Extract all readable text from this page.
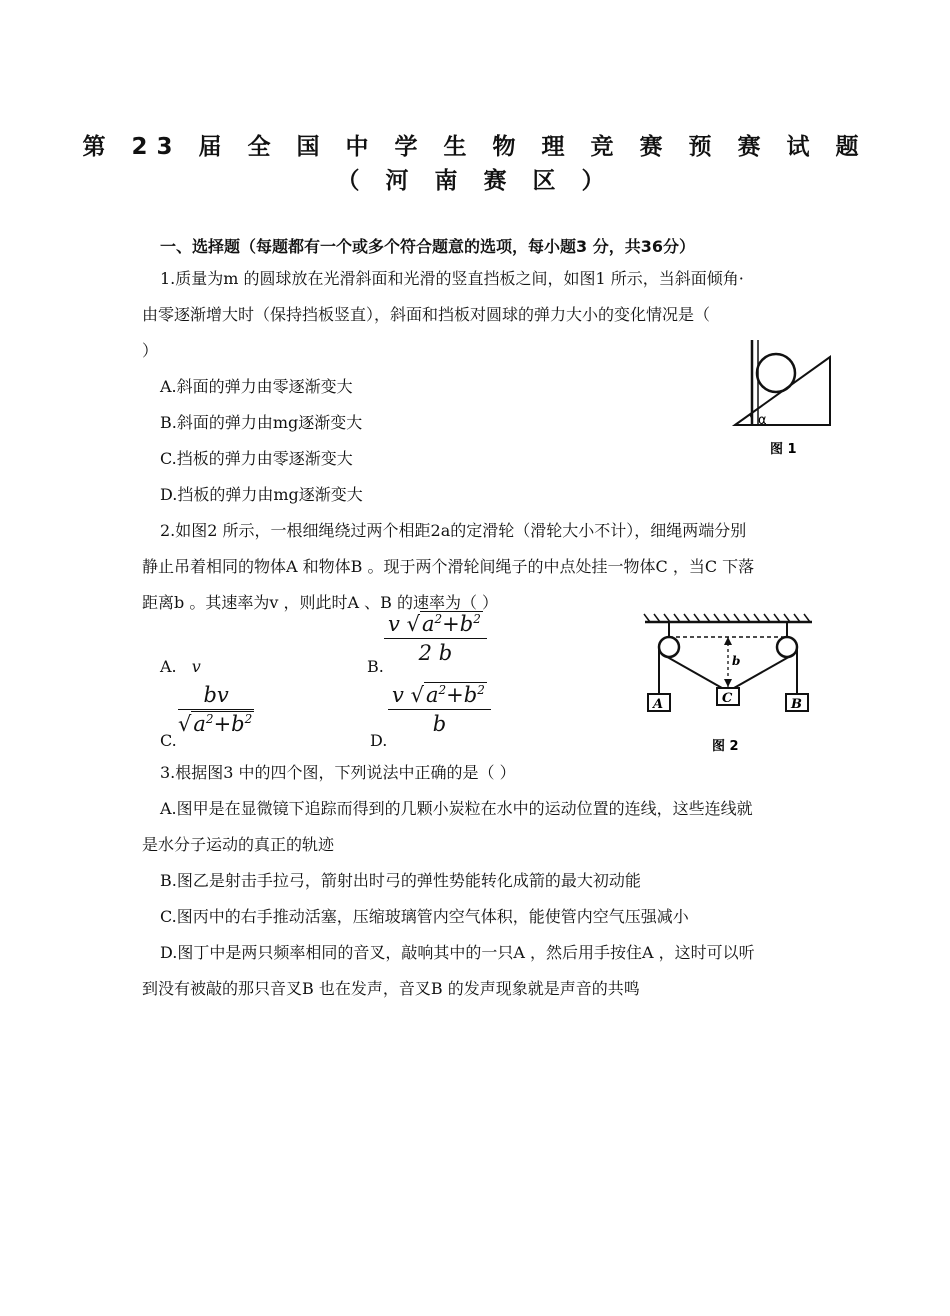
第 23 届 全 国 中 学 生 物 理 竞 赛 预 赛 试 题
（ 河 南 赛 区 ）
一、选择题（每题都有一个或多个符合题意的选项，每小题3 分，共36分）
1.质量为m 的圆球放在光滑斜面和光滑的竖直挡板之间，如图1 所示，当斜面倾角·
由零逐渐增大时（保持挡板竖直），斜面和挡板对圆球的弹力大小的变化情况是（
）
A.斜面的弹力由零逐渐变大
B.斜面的弹力由mg逐渐变大
C.挡板的弹力由零逐渐变大
D.挡板的弹力由mg逐渐变大
α
图 1
2.如图2 所示，一根细绳绕过两个相距2a的定滑轮（滑轮大小不计），细绳两端分别
静止吊着相同的物体A 和物体B 。现于两个滑轮间绳子的中点处挂一物体C ，当C 下落
距离b 。其速率为v ，则此时A 、B 的速率为（ ）
A. v	B.
$\frac{v √a^2+b^2}{2 b}$
C.
$\frac{bv}{√a^2+b^2}$
D.
$\frac{v √a^2+b^2}{b}$	A	B
C
b
图 2
3.根据图3 中的四个图，下列说法中正确的是（ ）
A.图甲是在显微镜下追踪而得到的几颗小炭粒在水中的运动位置的连线，这些连线就
是水分子运动的真正的轨迹
B.图乙是射击手拉弓，箭射出时弓的弹性势能转化成箭的最大初动能
C.图丙中的右手推动活塞，压缩玻璃管内空气体积，能使管内空气压强减小
D.图丁中是两只频率相同的音叉，敲响其中的一只A ，然后用手按住A ，这时可以听
到没有被敲的那只音叉B 也在发声，音叉B 的发声现象就是声音的共鸣
